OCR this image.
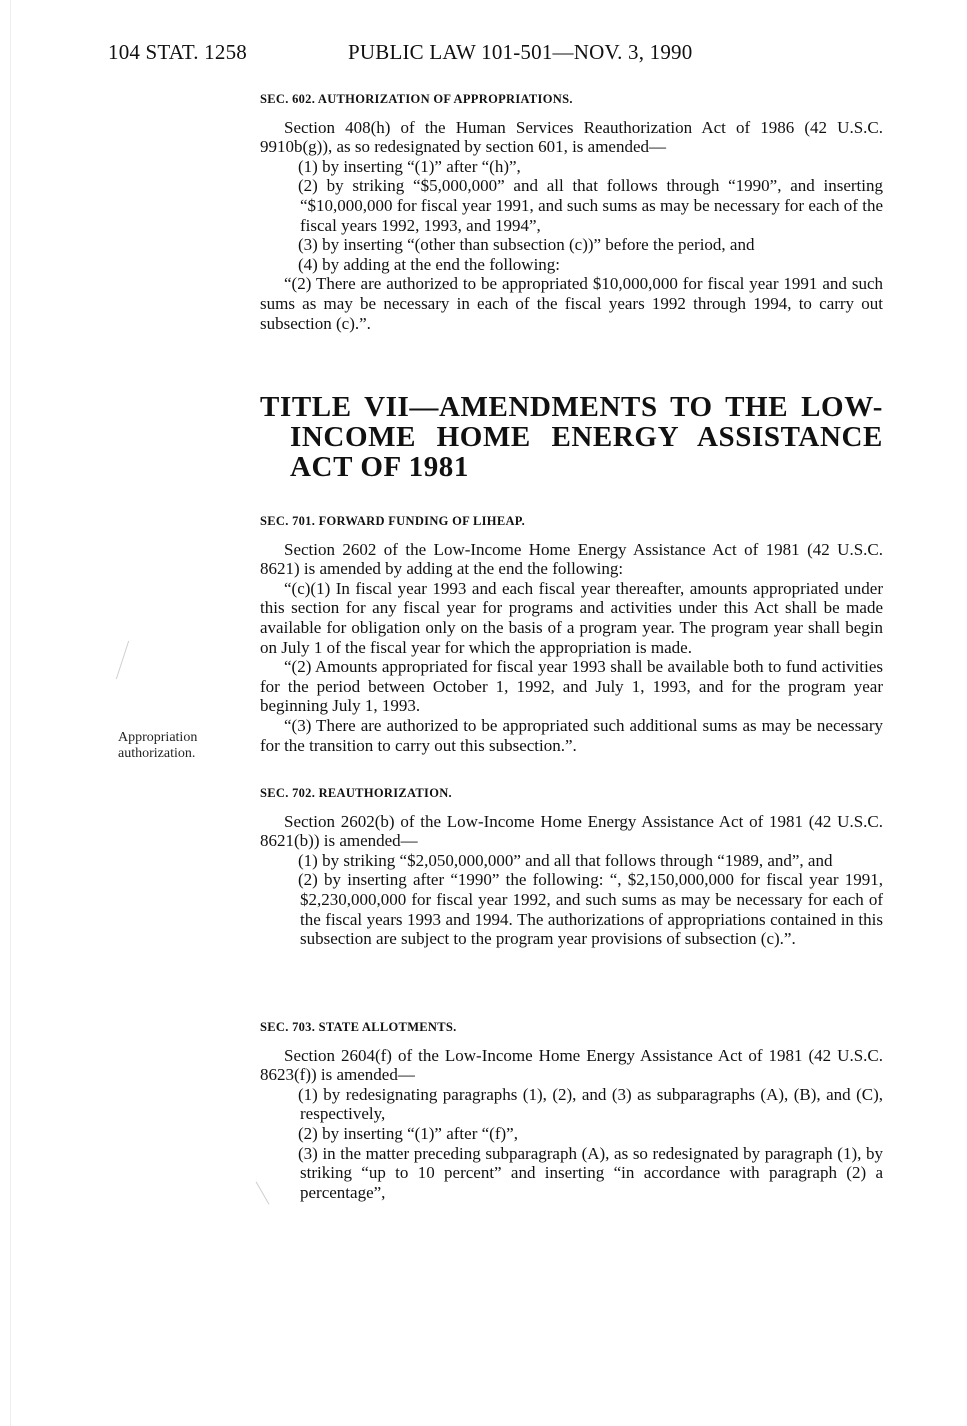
104 STAT. 1258	PUBLIC LAW 101-501—NOV. 3, 1990
SEC. 602. AUTHORIZATION OF APPROPRIATIONS.

Section 408(h) of the Human Services Reauthorization Act of 1986 (42 U.S.C. 9910b(g)), as so redesignated by section 601, is amended—

(1) by inserting “(1)” after “(h)”,

(2) by striking “$5,000,000” and all that follows through “1990”, and inserting “$10,000,000 for fiscal year 1991, and such sums as may be necessary for each of the fiscal years 1992, 1993, and 1994”,

(3) by inserting “(other than subsection (c))” before the period, and

(4) by adding at the end the following:

“(2) There are authorized to be appropriated $10,000,000 for fiscal year 1991 and such sums as may be necessary in each of the fiscal years 1992 through 1994, to carry out subsection (c).”.

TITLE VII—AMENDMENTS TO THE LOW-
INCOME HOME ENERGY ASSISTANCE
ACT OF 1981
SEC. 701. FORWARD FUNDING OF LIHEAP.

Section 2602 of the Low-Income Home Energy Assistance Act of 1981 (42 U.S.C. 8621) is amended by adding at the end the following:

“(c)(1) In fiscal year 1993 and each fiscal year thereafter, amounts appropriated under this section for any fiscal year for programs and activities under this Act shall be made available for obligation only on the basis of a program year. The program year shall begin on July 1 of the fiscal year for which the appropriation is made.

“(2) Amounts appropriated for fiscal year 1993 shall be available both to fund activities for the period between October 1, 1992, and July 1, 1993, and for the program year beginning July 1, 1993.

“(3) There are authorized to be appropriated such additional sums as may be necessary for the transition to carry out this subsection.”.

Appropriation
authorization.
SEC. 702. REAUTHORIZATION.

Section 2602(b) of the Low-Income Home Energy Assistance Act of 1981 (42 U.S.C. 8621(b)) is amended—

(1) by striking “$2,050,000,000” and all that follows through “1989, and”, and

(2) by inserting after “1990” the following: “, $2,150,000,000 for fiscal year 1991, $2,230,000,000 for fiscal year 1992, and such sums as may be necessary for each of the fiscal years 1993 and 1994. The authorizations of appropriations contained in this subsection are subject to the program year provisions of subsection (c).”.

SEC. 703. STATE ALLOTMENTS.

Section 2604(f) of the Low-Income Home Energy Assistance Act of 1981 (42 U.S.C. 8623(f)) is amended—

(1) by redesignating paragraphs (1), (2), and (3) as subparagraphs (A), (B), and (C), respectively,

(2) by inserting “(1)” after “(f)”,

(3) in the matter preceding subparagraph (A), as so redesignated by paragraph (1), by striking “up to 10 percent” and inserting “in accordance with paragraph (2) a percentage”,
